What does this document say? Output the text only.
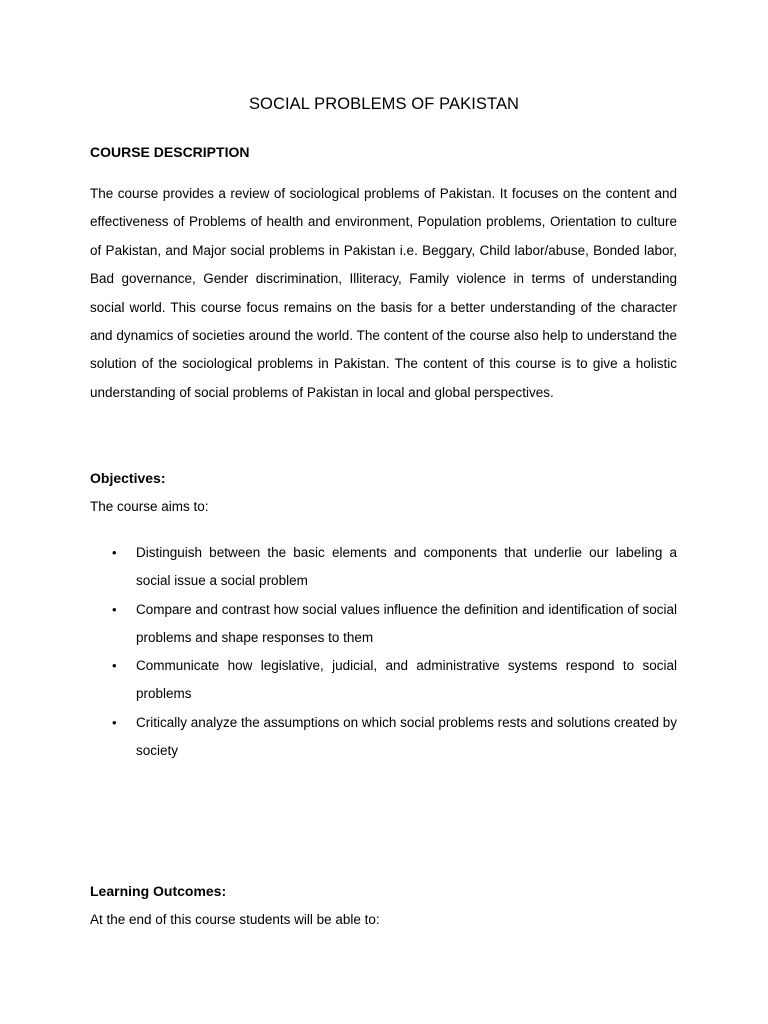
SOCIAL PROBLEMS OF PAKISTAN
COURSE DESCRIPTION

The course provides a review of sociological problems of Pakistan. It focuses on the content and effectiveness of Problems of health and environment, Population problems, Orientation to culture of Pakistan, and Major social problems in Pakistan i.e. Beggary, Child labor/abuse, Bonded labor, Bad governance, Gender discrimination, Illiteracy, Family violence in terms of understanding social world. This course focus remains on the basis for a better understanding of the character and dynamics of societies around the world. The content of the course also help to understand the solution of the sociological problems in Pakistan. The content of this course is to give a holistic understanding of social problems of Pakistan in local and global perspectives.

Objectives:
The course aims to:
• Distinguish between the basic elements and components that underlie our labeling a social issue a social problem
• Compare and contrast how social values influence the definition and identification of social problems and shape responses to them
• Communicate how legislative, judicial, and administrative systems respond to social problems
• Critically analyze the assumptions on which social problems rests and solutions created by society
Learning Outcomes:
At the end of this course students will be able to:
